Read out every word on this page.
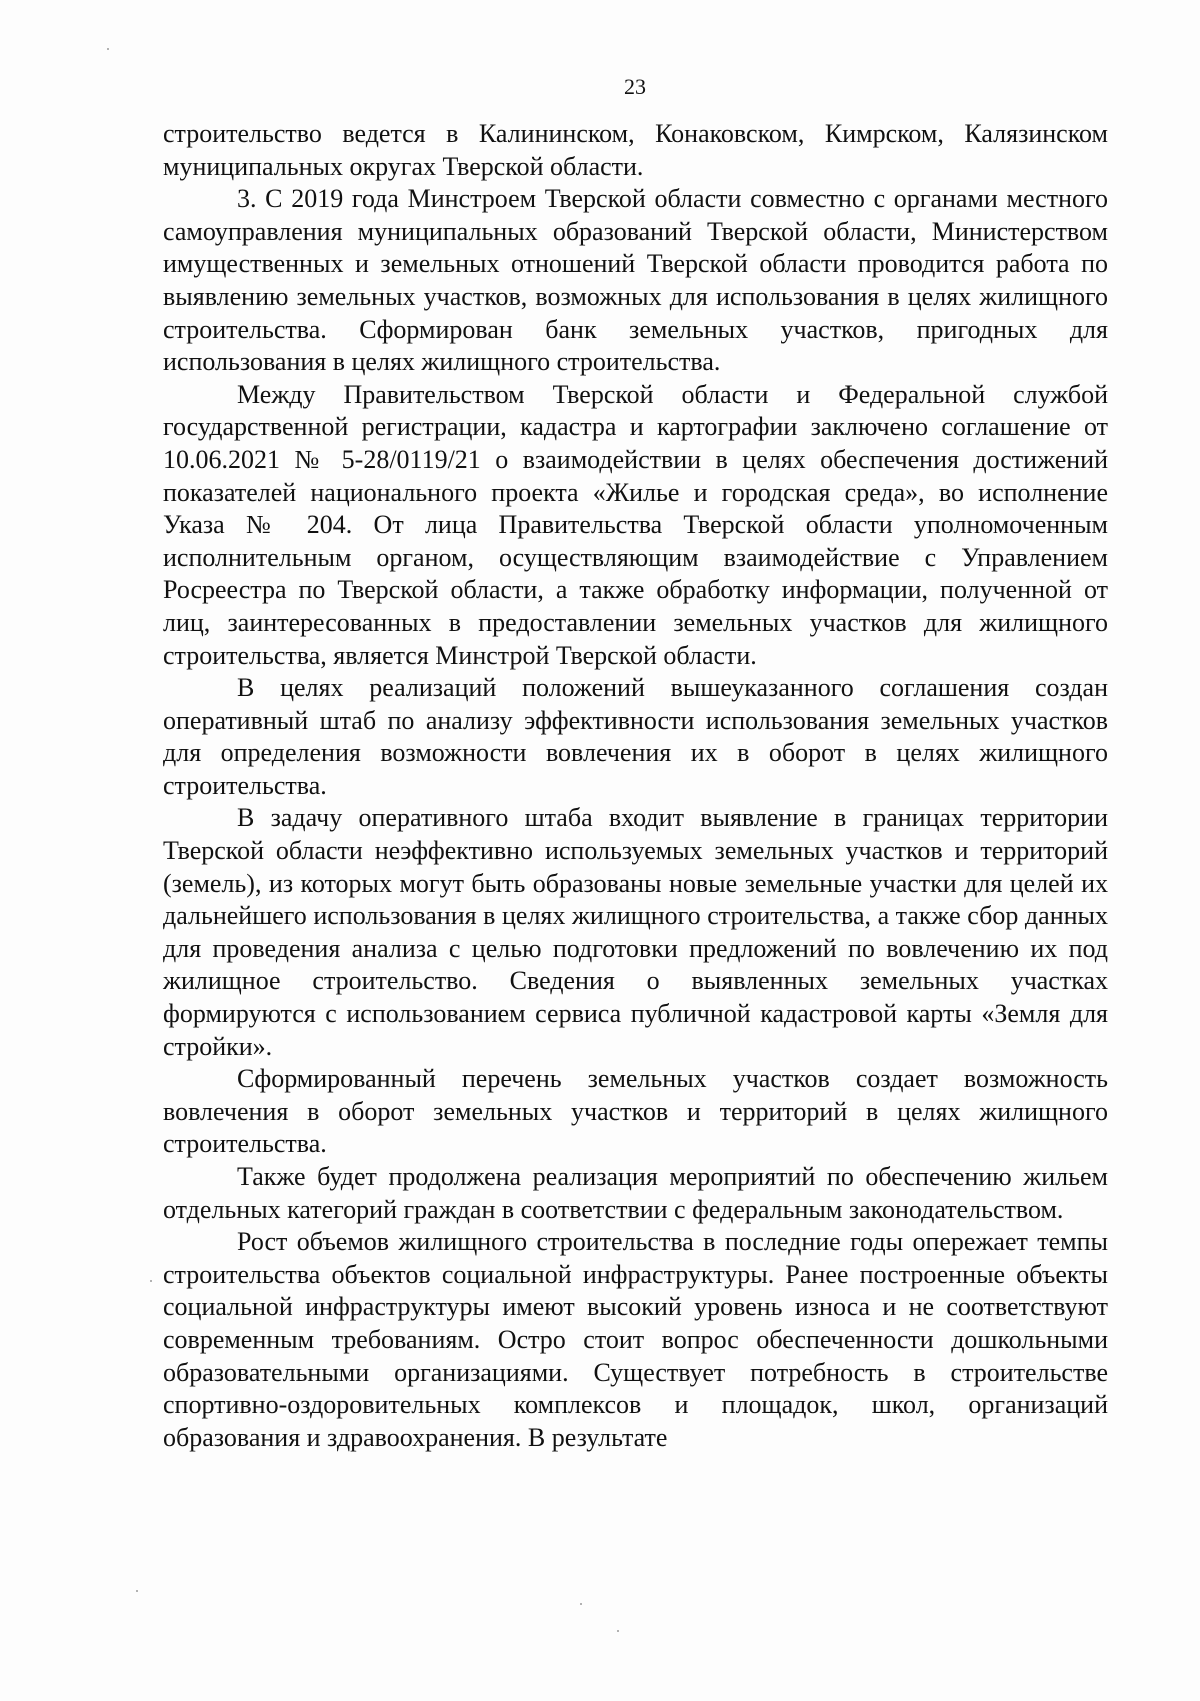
23

строительство ведется в Калининском, Конаковском, Кимрском, Калязинском муниципальных округах Тверской области.

3. С 2019 года Минстроем Тверской области совместно с органами местного самоуправления муниципальных образований Тверской области, Министерством имущественных и земельных отношений Тверской области проводится работа по выявлению земельных участков, возможных для использования в целях жилищного строительства. Сформирован банк земельных участков, пригодных для использования в целях жилищного строительства.

Между Правительством Тверской области и Федеральной службой государственной регистрации, кадастра и картографии заключено соглашение от 10.06.2021 № 5-28/0119/21 о взаимодействии в целях обеспечения достижений показателей национального проекта «Жилье и городская среда», во исполнение Указа № 204. От лица Правительства Тверской области уполномоченным исполнительным органом, осуществляющим взаимодействие с Управлением Росреестра по Тверской области, а также обработку информации, полученной от лиц, заинтересованных в предоставлении земельных участков для жилищного строительства, является Минстрой Тверской области.

В целях реализаций положений вышеуказанного соглашения создан оперативный штаб по анализу эффективности использования земельных участков для определения возможности вовлечения их в оборот в целях жилищного строительства.

В задачу оперативного штаба входит выявление в границах территории Тверской области неэффективно используемых земельных участков и территорий (земель), из которых могут быть образованы новые земельные участки для целей их дальнейшего использования в целях жилищного строительства, а также сбор данных для проведения анализа с целью подготовки предложений по вовлечению их под жилищное строительство. Сведения о выявленных земельных участках формируются с использованием сервиса публичной кадастровой карты «Земля для стройки».

Сформированный перечень земельных участков создает возможность вовлечения в оборот земельных участков и территорий в целях жилищного строительства.

Также будет продолжена реализация мероприятий по обеспечению жильем отдельных категорий граждан в соответствии с федеральным законодательством.

Рост объемов жилищного строительства в последние годы опережает темпы строительства объектов социальной инфраструктуры. Ранее построенные объекты социальной инфраструктуры имеют высокий уровень износа и не соответствуют современным требованиям. Остро стоит вопрос обеспеченности дошкольными образовательными организациями. Существует потребность в строительстве спортивно-оздоровительных комплексов и площадок, школ, организаций образования и здравоохранения. В результате
